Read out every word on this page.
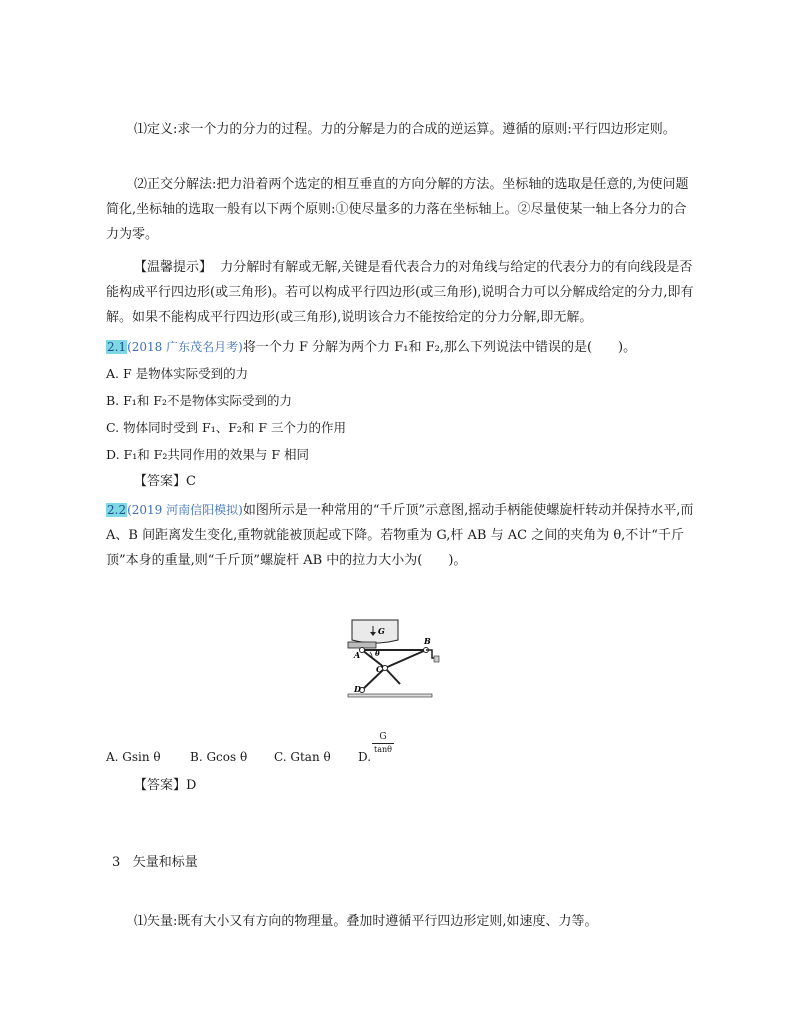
⑴定义:求一个力的分力的过程。力的分解是力的合成的逆运算。遵循的原则:平行四边形定则。
⑵正交分解法:把力沿着两个选定的相互垂直的方向分解的方法。坐标轴的选取是任意的,为使问题简化,坐标轴的选取一般有以下两个原则:①使尽量多的力落在坐标轴上。②尽量使某一轴上各分力的合力为零。
【温馨提示】 力分解时有解或无解,关键是看代表合力的对角线与给定的代表分力的有向线段是否能构成平行四边形(或三角形)。若可以构成平行四边形(或三角形),说明合力可以分解成给定的分力,即有解。如果不能构成平行四边形(或三角形),说明该合力不能按给定的分力分解,即无解。
2.1(2018 广东茂名月考)将一个力 F 分解为两个力 F₁和 F₂,那么下列说法中错误的是(　　)。
A. F 是物体实际受到的力
B. F₁和 F₂不是物体实际受到的力
C. 物体同时受到 F₁、F₂和 F 三个力的作用
D. F₁和 F₂共同作用的效果与 F 相同
【答案】C
2.2(2019 河南信阳模拟)如图所示是一种常用的“千斤顶”示意图,摇动手柄能使螺旋杆转动并保持水平,而 A、B 间距离发生变化,重物就能被顶起或下降。若物重为 G,杆 AB 与 AC 之间的夹角为 θ,不计“千斤顶”本身的重量,则“千斤顶”螺旋杆 AB 中的拉力大小为(　　)。
G
A
B
C
D
θ
A. Gsin θ B. Gcos θ C. Gtan θ D.
$\frac{G}{\tan\theta}$
【答案】D
3 矢量和标量
⑴矢量:既有大小又有方向的物理量。叠加时遵循平行四边形定则,如速度、力等。
